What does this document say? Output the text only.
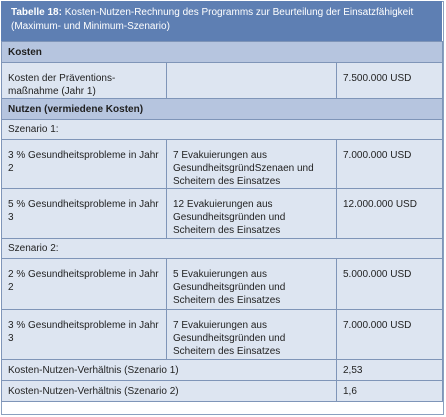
Tabelle 18: Kosten-Nutzen-Rechnung des Programms zur Beurteilung der Einsatzfähigkeit (Maximum- und Minimum-Szenario)
Kosten		
Kosten der Präventions-maßnahme (Jahr 1)		7.500.000 USD
Nutzen (vermiedene Kosten)		
Szenario 1:		
3 % Gesundheitsprobleme in Jahr 2	7 Evakuierungen aus GesundheitsgründSzenaen und Scheitern des Einsatzes	7.000.000 USD
5 % Gesundheitsprobleme in Jahr 3	12 Evakuierungen aus Gesundheitsgründen und Scheitern des Einsatzes	12.000.000 USD
Szenario 2:		
2 % Gesundheitsprobleme in Jahr 2	5 Evakuierungen aus Gesundheitsgründen und Scheitern des Einsatzes	5.000.000 USD
3 % Gesundheitsprobleme in Jahr 3	7 Evakuierungen aus Gesundheitsgründen und Scheitern des Einsatzes	7.000.000 USD
Kosten-Nutzen-Verhältnis (Szenario 1)		2,53
Kosten-Nutzen-Verhältnis (Szenario 2)		1,6
